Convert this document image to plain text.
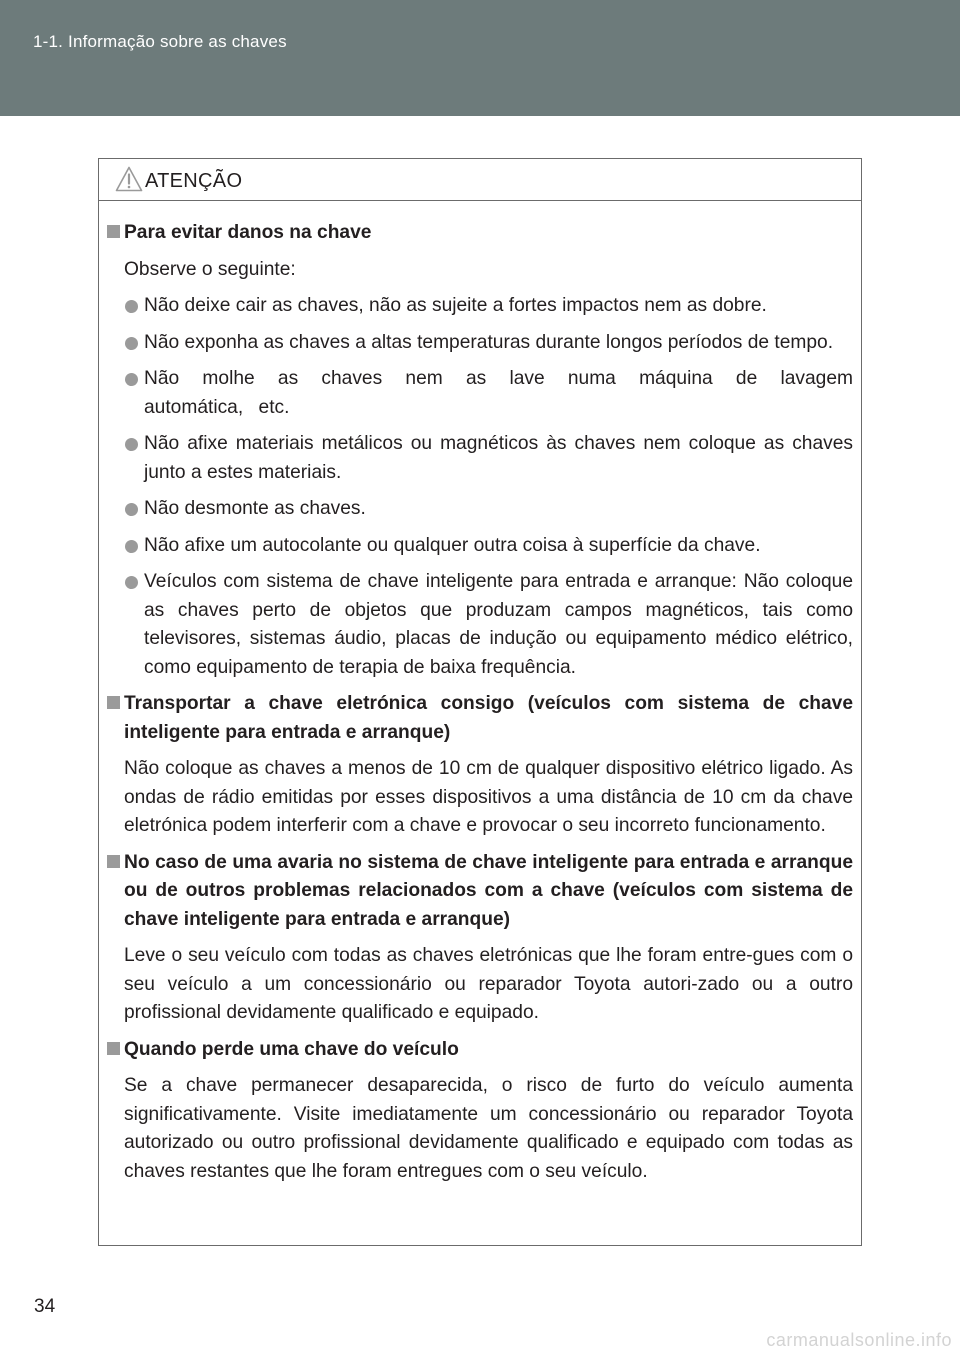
1-1. Informação sobre as chaves
ATENÇÃO
Para evitar danos na chave
Observe o seguinte:
Não deixe cair as chaves, não as sujeite a fortes impactos nem as dobre.
Não exponha as chaves a altas temperaturas durante longos períodos de tempo.
Não molhe as chaves nem as lave numa máquina de lavagem automática, etc.
Não afixe materiais metálicos ou magnéticos às chaves nem coloque as chaves junto a estes materiais.
Não desmonte as chaves.
Não afixe um autocolante ou qualquer outra coisa à superfície da chave.
Veículos com sistema de chave inteligente para entrada e arranque: Não coloque as chaves perto de objetos que produzam campos magnéticos, tais como televisores, sistemas áudio, placas de indução ou equipamento médico elétrico, como equipamento de terapia de baixa frequência.
Transportar a chave eletrónica consigo (veículos com sistema de chave inteligente para entrada e arranque)
Não coloque as chaves a menos de 10 cm de qualquer dispositivo elétrico ligado. As ondas de rádio emitidas por esses dispositivos a uma distância de 10 cm da chave eletrónica podem interferir com a chave e provocar o seu incorreto funcionamento.
No caso de uma avaria no sistema de chave inteligente para entrada e arranque ou de outros problemas relacionados com a chave (veículos com sistema de chave inteligente para entrada e arranque)
Leve o seu veículo com todas as chaves eletrónicas que lhe foram entre-gues com o seu veículo a um concessionário ou reparador Toyota autori-zado ou a outro profissional devidamente qualificado e equipado.
Quando perde uma chave do veículo
Se a chave permanecer desaparecida, o risco de furto do veículo aumenta significativamente. Visite imediatamente um concessionário ou reparador Toyota autorizado ou outro profissional devidamente qualificado e equipado com todas as chaves restantes que lhe foram entregues com o seu veículo.
34
carmanualsonline.info
